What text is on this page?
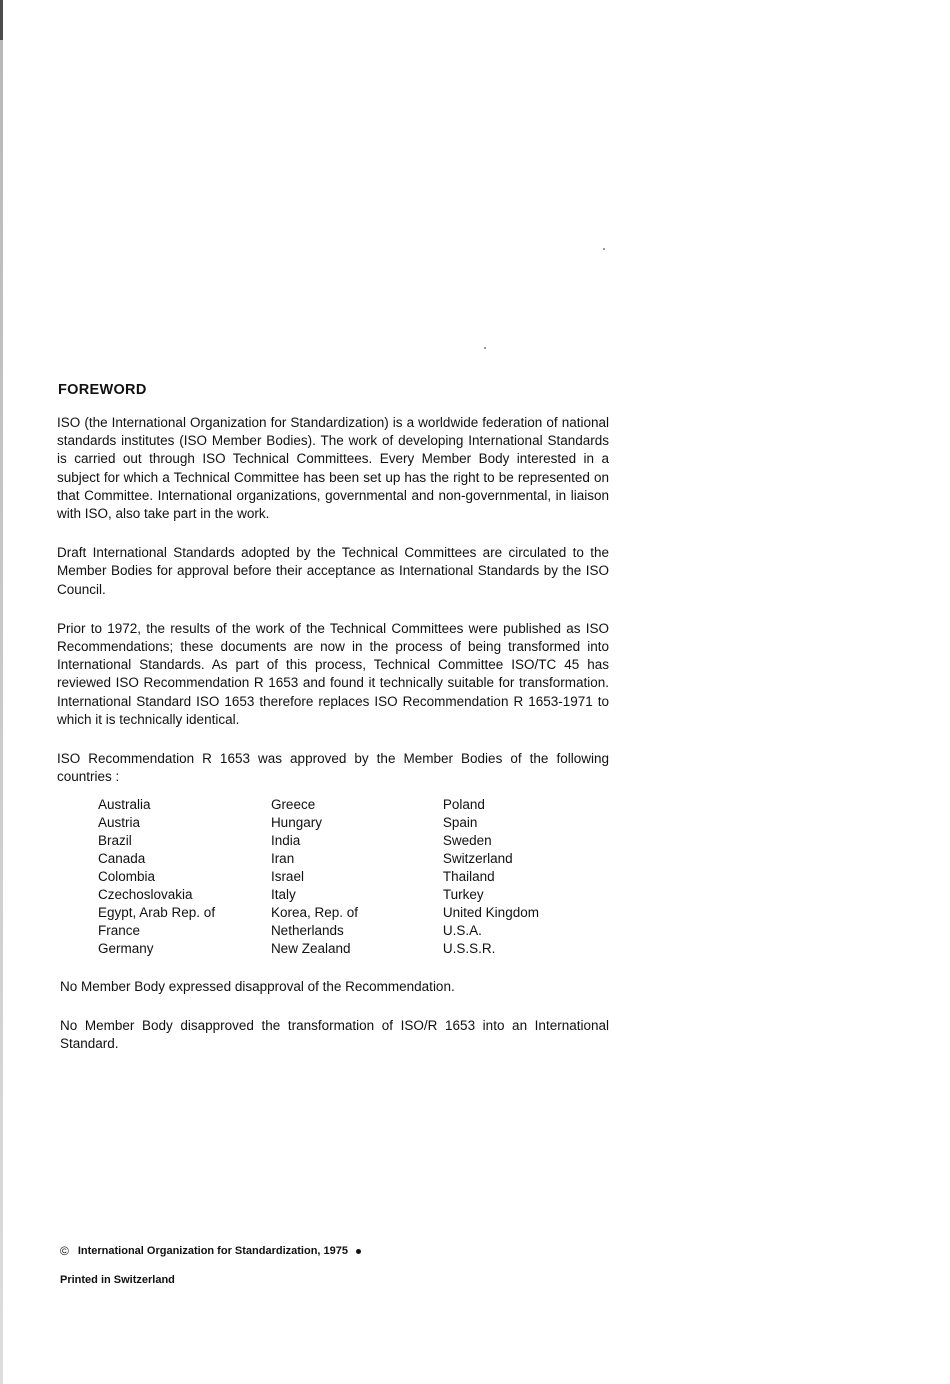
FOREWORD

ISO (the International Organization for Standardization) is a worldwide federation of national standards institutes (ISO Member Bodies). The work of developing International Standards is carried out through ISO Technical Committees. Every Member Body interested in a subject for which a Technical Committee has been set up has the right to be represented on that Committee. International organizations, governmental and non-governmental, in liaison with ISO, also take part in the work.

Draft International Standards adopted by the Technical Committees are circulated to the Member Bodies for approval before their acceptance as International Standards by the ISO Council.

Prior to 1972, the results of the work of the Technical Committees were published as ISO Recommendations; these documents are now in the process of being transformed into International Standards. As part of this process, Technical Committee ISO/TC 45 has reviewed ISO Recommendation R 1653 and found it technically suitable for transformation. International Standard ISO 1653 therefore replaces ISO Recommendation R 1653-1971 to which it is technically identical.

ISO Recommendation R 1653 was approved by the Member Bodies of the following countries :

Australia
Austria
Brazil
Canada
Colombia
Czechoslovakia
Egypt, Arab Rep. of
France
Germany
Greece
Hungary
India
Iran
Israel
Italy
Korea, Rep. of
Netherlands
New Zealand
Poland
Spain
Sweden
Switzerland
Thailand
Turkey
United Kingdom
U.S.A.
U.S.S.R.

No Member Body expressed disapproval of the Recommendation.

No Member Body disapproved the transformation of ISO/R 1653 into an International Standard.

© International Organization for Standardization, 1975
Printed in Switzerland
